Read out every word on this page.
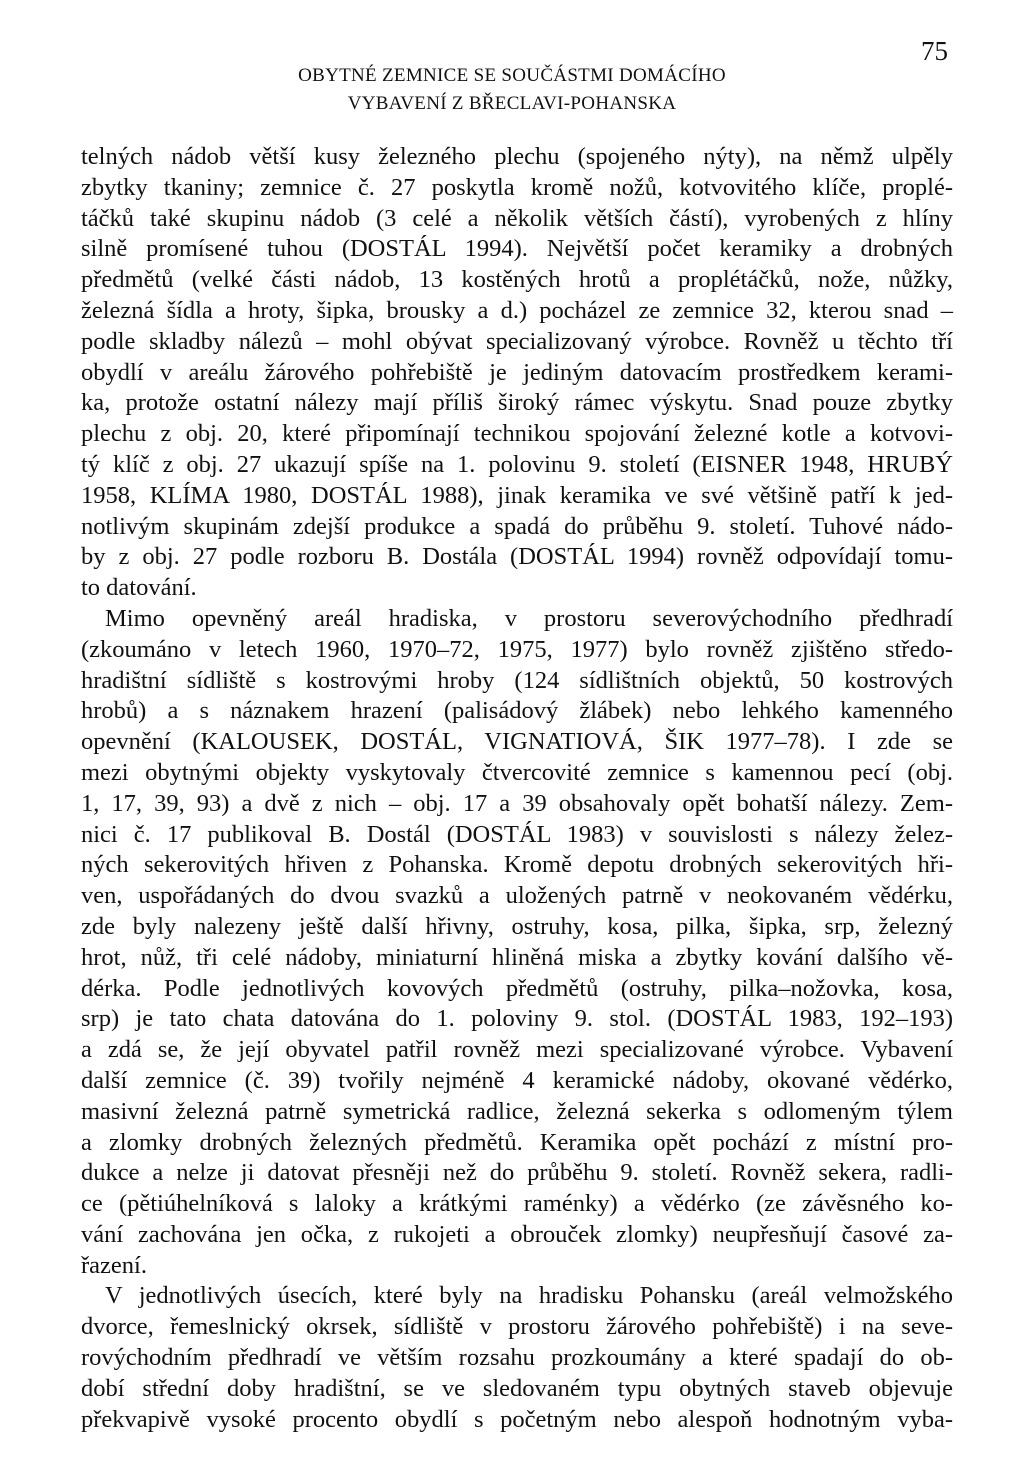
75
OBYTNÉ ZEMNICE SE SOUČÁSTMI DOMÁCÍHO
VYBAVENÍ Z BŘECLAVI-POHANSKA
telných nádob větší kusy železného plechu (spojeného nýty), na němž ulpěly
zbytky tkaniny; zemnice č. 27 poskytla kromě nožů, kotvovitého klíče, proplé-
táčků také skupinu nádob (3 celé a několik větších částí), vyrobených z hlíny
silně promísené tuhou (DOSTÁL 1994). Největší počet keramiky a drobných
předmětů (velké části nádob, 13 kostěných hrotů a proplétáčků, nože, nůžky,
železná šídla a hroty, šipka, brousky a d.) pocházel ze zemnice 32, kterou snad –
podle skladby nálezů – mohl obývat specializovaný výrobce. Rovněž u těchto tří
obydlí v areálu žárového pohřebiště je jediným datovacím prostředkem kerami-
ka, protože ostatní nálezy mají příliš široký rámec výskytu. Snad pouze zbytky
plechu z obj. 20, které připomínají technikou spojování železné kotle a kotvovi-
tý klíč z obj. 27 ukazují spíše na 1. polovinu 9. století (EISNER 1948, HRUBÝ
1958, KLÍMA 1980, DOSTÁL 1988), jinak keramika ve své většině patří k jed-
notlivým skupinám zdejší produkce a spadá do průběhu 9. století. Tuhové nádo-
by z obj. 27 podle rozboru B. Dostála (DOSTÁL 1994) rovněž odpovídají tomu-
to datování.
Mimo opevněný areál hradiska, v prostoru severovýchodního předhradí
(zkoumáno v letech 1960, 1970–72, 1975, 1977) bylo rovněž zjištěno středo-
hradištní sídliště s kostrovými hroby (124 sídlištních objektů, 50 kostrových
hrobů) a s náznakem hrazení (palisádový žlábek) nebo lehkého kamenného
opevnění (KALOUSEK, DOSTÁL, VIGNATIOVÁ, ŠIK 1977–78). I zde se
mezi obytnými objekty vyskytovaly čtvercovité zemnice s kamennou pecí (obj.
1, 17, 39, 93) a dvě z nich – obj. 17 a 39 obsahovaly opět bohatší nálezy. Zem-
nici č. 17 publikoval B. Dostál (DOSTÁL 1983) v souvislosti s nálezy želez-
ných sekerovitých hřiven z Pohanska. Kromě depotu drobných sekerovitých hři-
ven, uspořádaných do dvou svazků a uložených patrně v neokovaném vědérku,
zde byly nalezeny ještě další hřivny, ostruhy, kosa, pilka, šipka, srp, železný
hrot, nůž, tři celé nádoby, miniaturní hliněná miska a zbytky kování dalšího vě-
dérka. Podle jednotlivých kovových předmětů (ostruhy, pilka–nožovka, kosa,
srp) je tato chata datována do 1. poloviny 9. stol. (DOSTÁL 1983, 192–193)
a zdá se, že její obyvatel patřil rovněž mezi specializované výrobce. Vybavení
další zemnice (č. 39) tvořily nejméně 4 keramické nádoby, okované vědérko,
masivní železná patrně symetrická radlice, železná sekerka s odlomeným týlem
a zlomky drobných železných předmětů. Keramika opět pochází z místní pro-
dukce a nelze ji datovat přesněji než do průběhu 9. století. Rovněž sekera, radli-
ce (pětiúhelníková s laloky a krátkými raménky) a vědérko (ze závěsného ko-
vání zachována jen očka, z rukojeti a obrouček zlomky) neupřesňují časové za-
řazení.
V jednotlivých úsecích, které byly na hradisku Pohansku (areál velmožského
dvorce, řemeslnický okrsek, sídliště v prostoru žárového pohřebiště) i na seve-
rovýchodním předhradí ve větším rozsahu prozkoumány a které spadají do ob-
dobí střední doby hradištní, se ve sledovaném typu obytných staveb objevuje
překvapivě vysoké procento obydlí s početným nebo alespoň hodnotným vyba-
